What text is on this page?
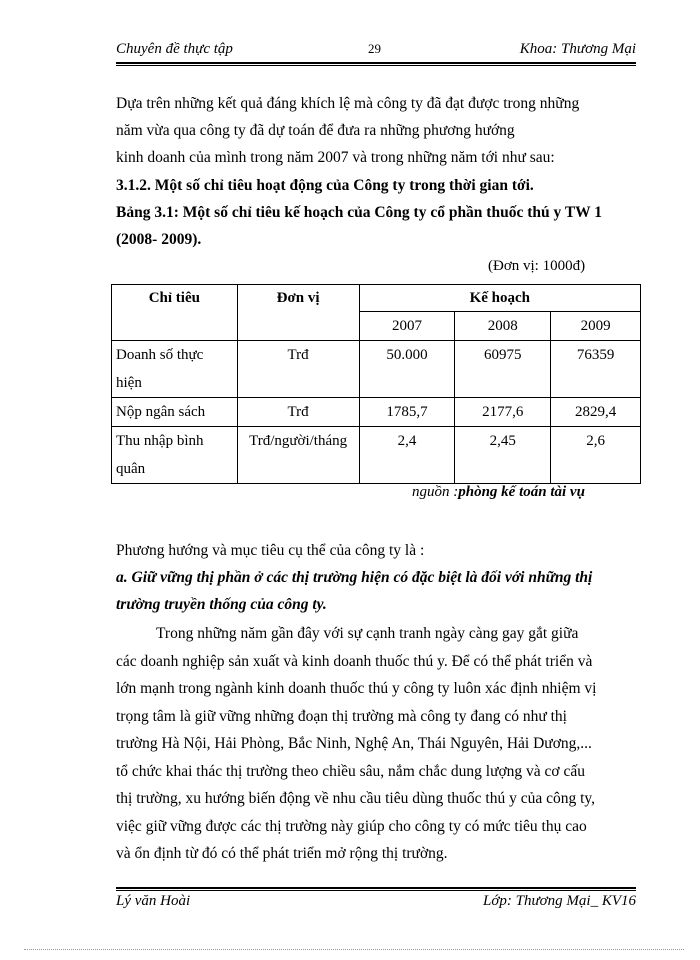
Chuyên đề thực tập	29	Khoa: Thương Mại
Dựa trên những kết quả đáng khích lệ mà công ty đã đạt được trong những
năm vừa qua công ty đã dự toán để đưa ra những phương hướng
kinh doanh của mình trong năm 2007 và trong những năm tới như sau:
3.1.2. Một số chỉ tiêu hoạt động của Công ty trong thời gian tới.
Bảng 3.1: Một số chỉ tiêu kế hoạch của Công ty cổ phần thuốc thú y TW 1
(2008- 2009).
(Đơn vị: 1000đ)
Chỉ tiêu	Đơn vị	Kế hoạch		
		2007	2008	2009
Doanh số thực hiện	Trđ	50.000	60975	76359
Nộp ngân sách	Trđ	1785,7	2177,6	2829,4
Thu nhập bình quân	Trđ/người/tháng	2,4	2,45	2,6
nguồn :phòng kế toán tài vụ
Phương hướng và mục tiêu cụ thể của công ty là :
a. Giữ vững thị phần ở các thị trường hiện có đặc biệt là đối với những thị
trường truyền thống của công ty.
Trong những năm gần đây với sự cạnh tranh ngày càng gay gắt giữa
các doanh nghiệp sản xuất và kinh doanh thuốc thú y. Để có thể phát triển và
lớn mạnh trong ngành kinh doanh thuốc thú y công ty luôn xác định nhiệm vị
trọng tâm là giữ vững những đoạn thị trường mà công ty đang có như thị
trường Hà Nội, Hải Phòng, Bắc Ninh, Nghệ An, Thái Nguyên, Hải Dương,...
tổ chức khai thác thị trường theo chiều sâu, nắm chắc dung lượng và cơ cấu
thị trường, xu hướng biến động về nhu cầu tiêu dùng thuốc thú y của công ty,
việc giữ vững được các thị trường này giúp cho công ty có mức tiêu thụ cao
và ổn định từ đó có thể phát triển mở rộng thị trường.
Lý văn Hoài	Lớp: Thương Mại_ KV16
